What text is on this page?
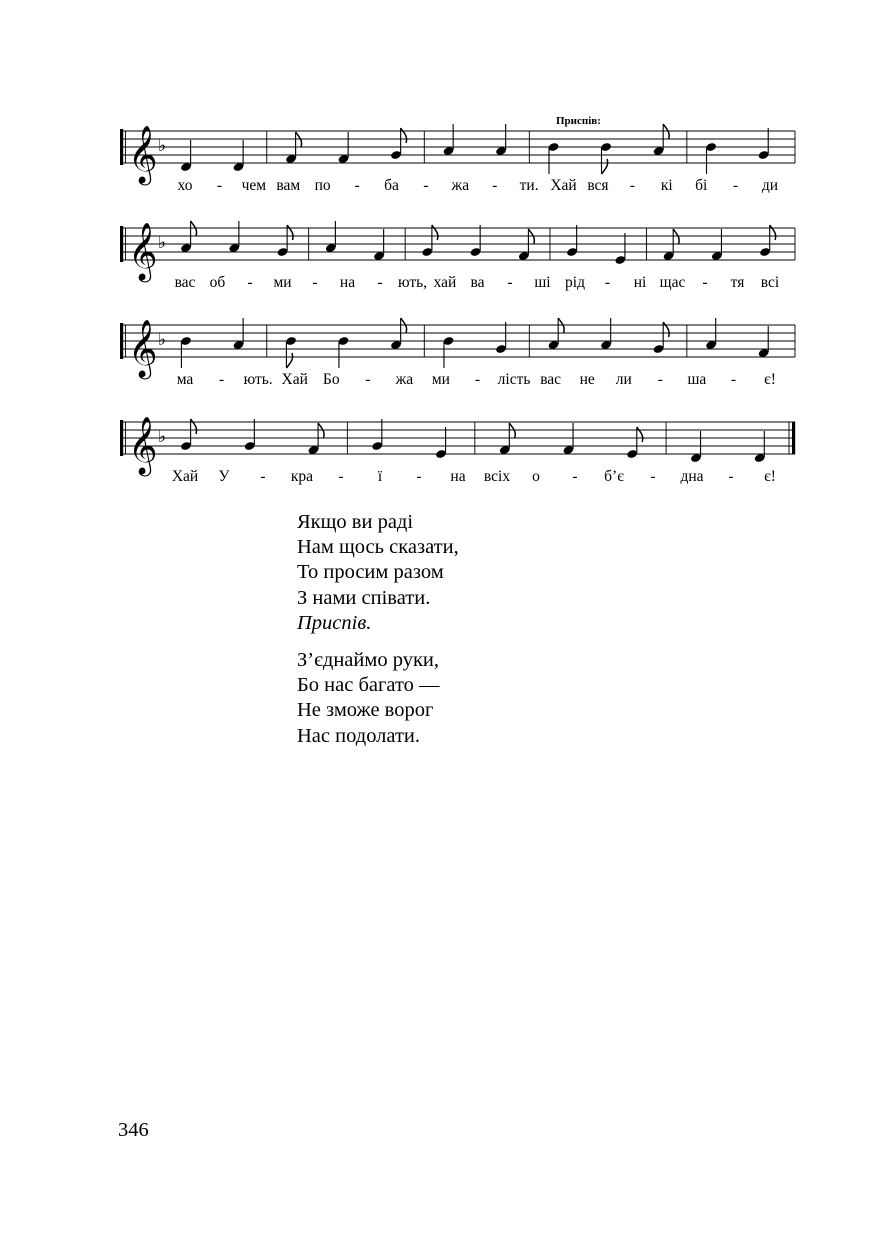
Приспів:
𝄞 ♭
хо - чем вам по - ба - жа - ти. Хай вся - кі бі - ди
𝄞 ♭
вас об - ми - на - ють, хай ва - ші рід - ні щас - тя всі
𝄞 ♭
ма - ють. Хай Бо - жа ми - лість вас не ли - ша - є!
𝄞 ♭
Хай У - кра - ї - на всіх о - б’є - дна - є!
Якщо ви раді
Нам щось сказати,
То просим разом
З нами співати.
Приспів.
З’єднаймо руки,
Бо нас багато —
Не зможе ворог
Нас подолати.
346
